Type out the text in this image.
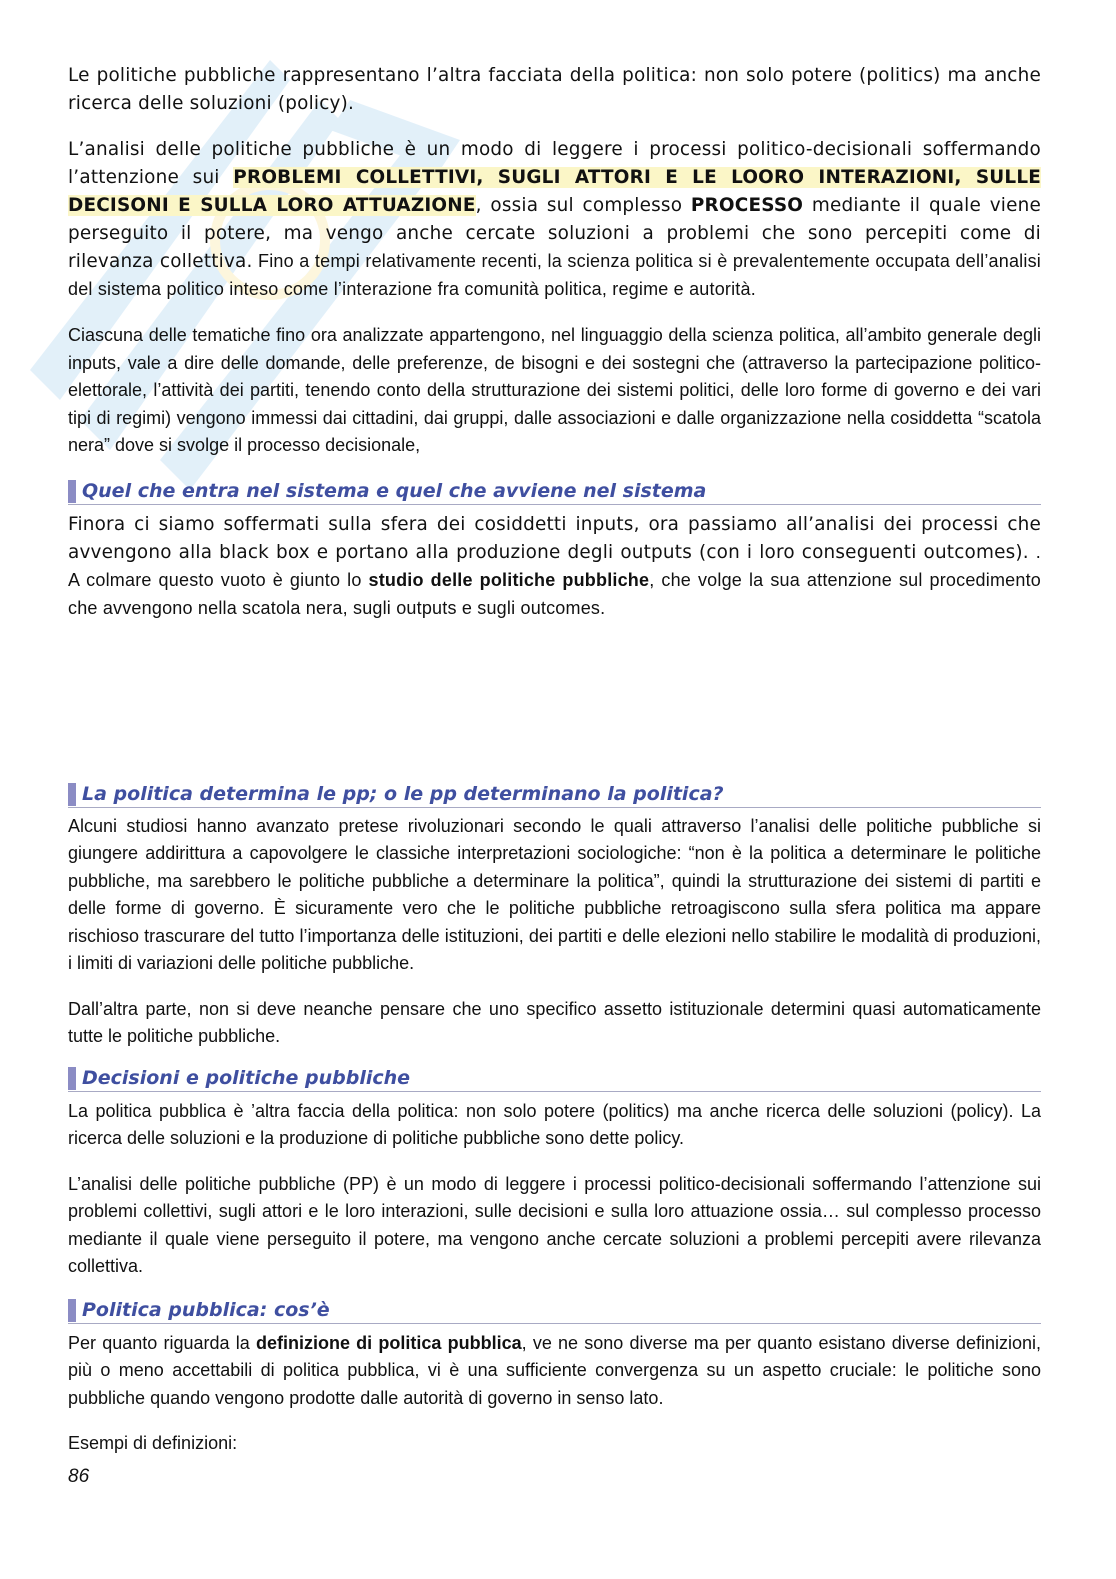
Le politiche pubbliche rappresentano l’altra facciata della politica: non solo potere (politics) ma anche ricerca delle soluzioni (policy).

L’analisi delle politiche pubbliche è un modo di leggere i processi politico-decisionali soffermando l’attenzione sui PROBLEMI COLLETTIVI, SUGLI ATTORI E LE LOORO INTERAZIONI, SULLE DECISONI E SULLA LORO ATTUAZIONE, ossia sul complesso PROCESSO mediante il quale viene perseguito il potere, ma vengo anche cercate soluzioni a problemi che sono percepiti come di rilevanza collettiva. Fino a tempi relativamente recenti, la scienza politica si è prevalentemente occupata dell’analisi del sistema politico inteso come l’interazione fra comunità politica, regime e autorità.

Ciascuna delle tematiche fino ora analizzate appartengono, nel linguaggio della scienza politica, all’ambito generale degli inputs, vale a dire delle domande, delle preferenze, de bisogni e dei sostegni che (attraverso la partecipazione politico-elettorale, l’attività dei partiti, tenendo conto della strutturazione dei sistemi politici, delle loro forme di governo e dei vari tipi di regimi) vengono immessi dai cittadini, dai gruppi, dalle associazioni e dalle organizzazione nella cosiddetta “scatola nera” dove si svolge il processo decisionale,

Quel che entra nel sistema e quel che avviene nel sistema

Finora ci siamo soffermati sulla sfera dei cosiddetti inputs, ora passiamo all’analisi dei processi che avvengono alla black box e portano alla produzione degli outputs (con i loro conseguenti outcomes). . A colmare questo vuoto è giunto lo studio delle politiche pubbliche, che volge la sua attenzione sul procedimento che avvengono nella scatola nera, sugli outputs e sugli outcomes.

La politica determina le pp; o le pp determinano la politica?

Alcuni studiosi hanno avanzato pretese rivoluzionari secondo le quali attraverso l’analisi delle politiche pubbliche si giungere addirittura a capovolgere le classiche interpretazioni sociologiche: “non è la politica a determinare le politiche pubbliche, ma sarebbero le politiche pubbliche a determinare la politica”, quindi la strutturazione dei sistemi di partiti e delle forme di governo. È sicuramente vero che le politiche pubbliche retroagiscono sulla sfera politica ma appare rischioso trascurare del tutto l’importanza delle istituzioni, dei partiti e delle elezioni nello stabilire le modalità di produzioni, i limiti di variazioni delle politiche pubbliche.

Dall’altra parte, non si deve neanche pensare che uno specifico assetto istituzionale determini quasi automaticamente tutte le politiche pubbliche.

Decisioni e politiche pubbliche

La politica pubblica è ’altra faccia della politica: non solo potere (politics) ma anche ricerca delle soluzioni (policy). La ricerca delle soluzioni e la produzione di politiche pubbliche sono dette policy.

L’analisi delle politiche pubbliche (PP) è un modo di leggere i processi politico-decisionali soffermando l’attenzione sui problemi collettivi, sugli attori e le loro interazioni, sulle decisioni e sulla loro attuazione ossia… sul complesso processo mediante il quale viene perseguito il potere, ma vengono anche cercate soluzioni a problemi percepiti avere rilevanza collettiva.

Politica pubblica: cos’è

Per quanto riguarda la definizione di politica pubblica, ve ne sono diverse ma per quanto esistano diverse definizioni, più o meno accettabili di politica pubblica, vi è una sufficiente convergenza su un aspetto cruciale: le politiche sono pubbliche quando vengono prodotte dalle autorità di governo in senso lato.

Esempi di definizioni:

86
